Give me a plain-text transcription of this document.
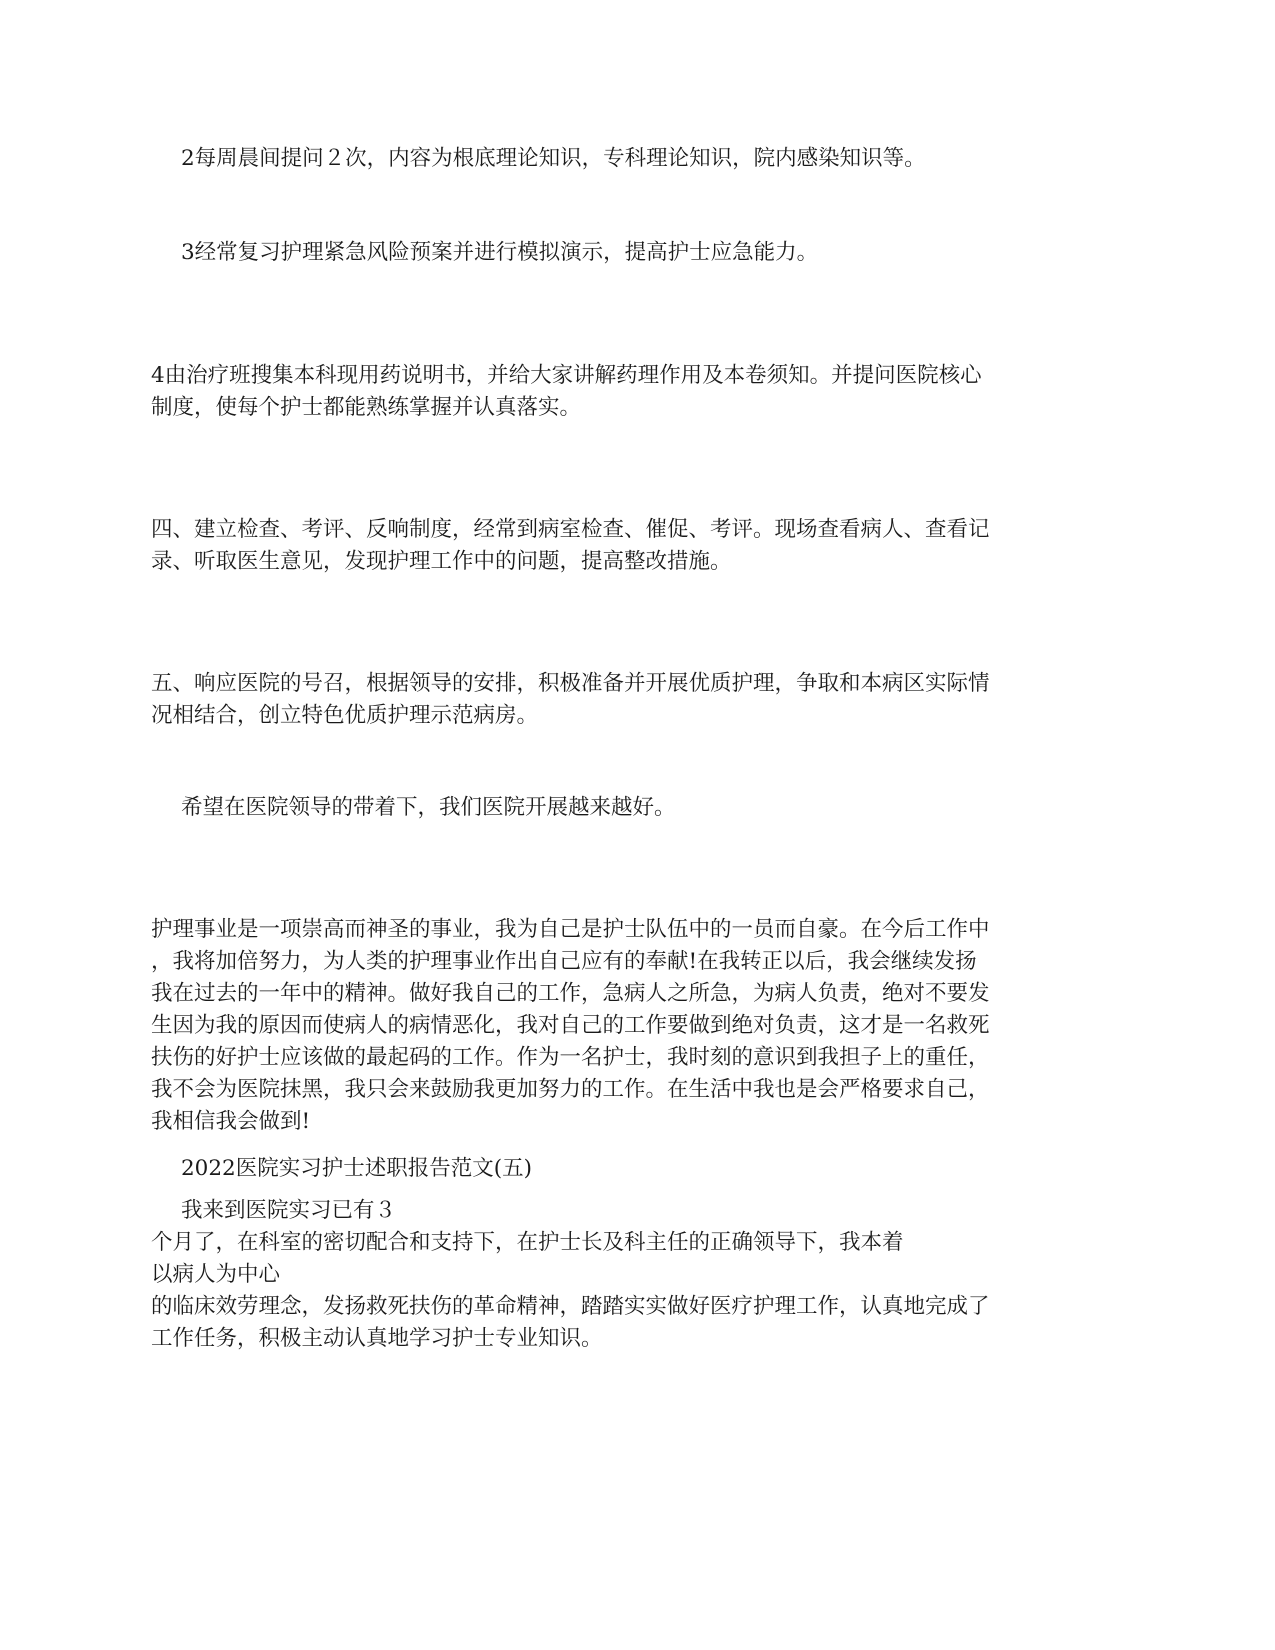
2每周晨间提问２次，内容为根底理论知识，专科理论知识，院内感染知识等。

3经常复习护理紧急风险预案并进行模拟演示，提高护士应急能力。

4由治疗班搜集本科现用药说明书，并给大家讲解药理作用及本卷须知。并提问医院核心
制度，使每个护士都能熟练掌握并认真落实。

四、建立检查、考评、反响制度，经常到病室检查、催促、考评。现场查看病人、查看记
录、听取医生意见，发现护理工作中的问题，提高整改措施。

五、响应医院的号召，根据领导的安排，积极准备并开展优质护理，争取和本病区实际情
况相结合，创立特色优质护理示范病房。

希望在医院领导的带着下，我们医院开展越来越好。

护理事业是一项崇高而神圣的事业，我为自己是护士队伍中的一员而自豪。在今后工作中
，我将加倍努力，为人类的护理事业作出自己应有的奉献!在我转正以后，我会继续发扬
我在过去的一年中的精神。做好我自己的工作，急病人之所急，为病人负责，绝对不要发
生因为我的原因而使病人的病情恶化，我对自己的工作要做到绝对负责，这才是一名救死
扶伤的好护士应该做的最起码的工作。作为一名护士，我时刻的意识到我担子上的重任，
我不会为医院抹黑，我只会来鼓励我更加努力的工作。在生活中我也是会严格要求自己，
我相信我会做到!

2022医院实习护士述职报告范文(五)

我来到医院实习已有３
个月了，在科室的密切配合和支持下，在护士长及科主任的正确领导下，我本着
以病人为中心
的临床效劳理念，发扬救死扶伤的革命精神，踏踏实实做好医疗护理工作，认真地完成了
工作任务，积极主动认真地学习护士专业知识。
